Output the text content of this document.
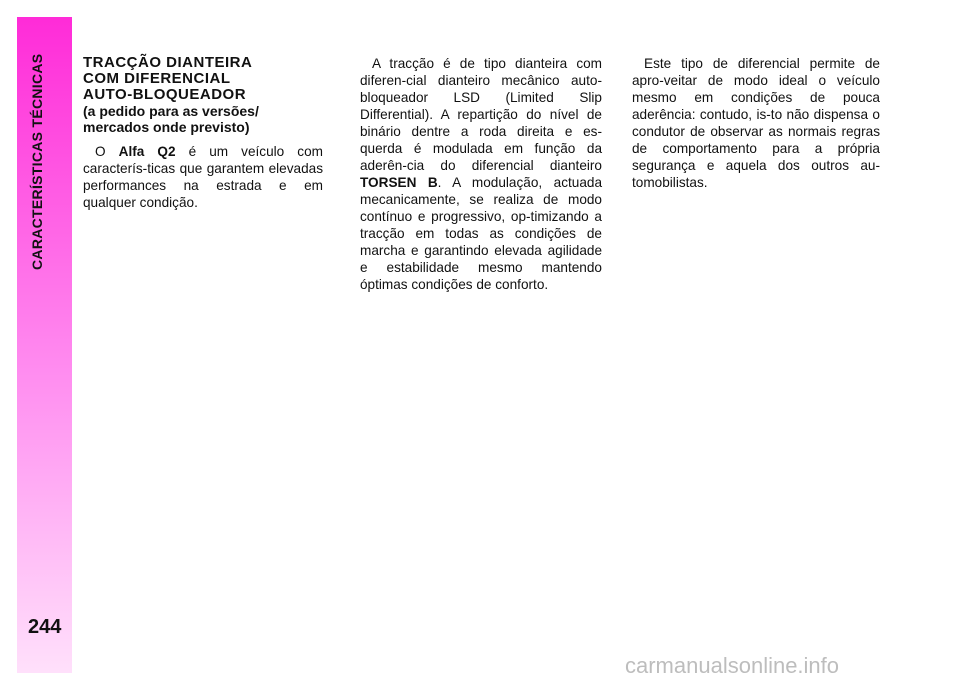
CARACTERÍSTICAS TÉCNICAS
244

TRACÇÃO DIANTEIRA

COM DIFERENCIAL

AUTO-BLOQUEADOR

(a pedido para as versões/
mercados onde previsto)

O Alfa Q2 é um veículo com caracterís-ticas que garantem elevadas performances na estrada e em qualquer condição.

A tracção é de tipo dianteira com diferen-cial dianteiro mecânico auto-bloqueador LSD (Limited Slip Differential). A repartição do nível de binário dentre a roda direita e es-querda é modulada em função da aderên-cia do diferencial dianteiro TORSEN B. A modulação, actuada mecanicamente, se realiza de modo contínuo e progressivo, op-timizando a tracção em todas as condições de marcha e garantindo elevada agilidade e estabilidade mesmo mantendo óptimas condições de conforto.

Este tipo de diferencial permite de apro-veitar de modo ideal o veículo mesmo em condições de pouca aderência: contudo, is-to não dispensa o condutor de observar as normais regras de comportamento para a própria segurança e aquela dos outros au-tomobilistas.

carmanualsonline.info
